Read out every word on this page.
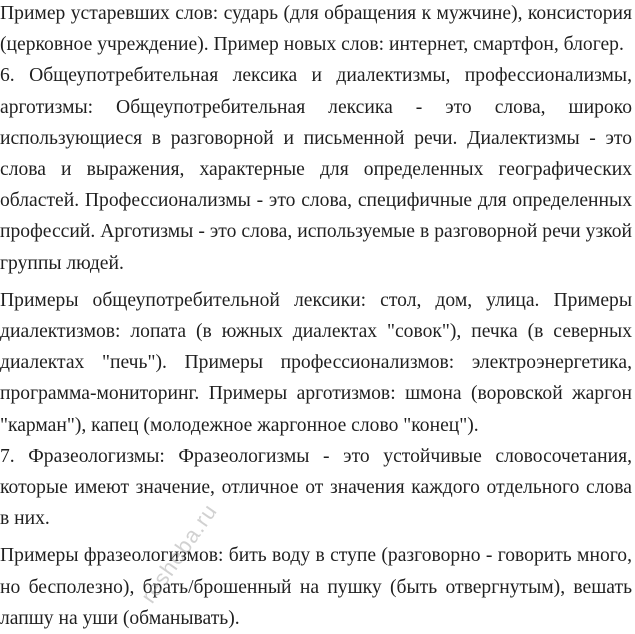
Пример устаревших слов: сударь (для обращения к мужчине), консистория (церковное учреждение). Пример новых слов: интернет, смартфон, блогер.

6. Общеупотребительная лексика и диалектизмы, профессионализмы, арготизмы: Общеупотребительная лексика - это слова, широко использующиеся в разговорной и письменной речи. Диалектизмы - это слова и выражения, характерные для определенных географических областей. Профессионализмы - это слова, специфичные для определенных профессий. Арготизмы - это слова, используемые в разговорной речи узкой группы людей.

Примеры общеупотребительной лексики: стол, дом, улица. Примеры диалектизмов: лопата (в южных диалектах "совок"), печка (в северных диалектах "печь"). Примеры профессионализмов: электроэнергетика, программа-мониторинг. Примеры арготизмов: шмона (воровской жаргон "карман"), капец (молодежное жаргонное слово "конец").

7. Фразеологизмы: Фразеологизмы - это устойчивые словосочетания, которые имеют значение, отличное от значения каждого отдельного слова в них.

Примеры фразеологизмов: бить воду в ступе (разговорно - говорить много, но бесполезно), брать/брошенный на пушку (быть отвергнутым), вешать лапшу на уши (обманывать).

resheba.ru
